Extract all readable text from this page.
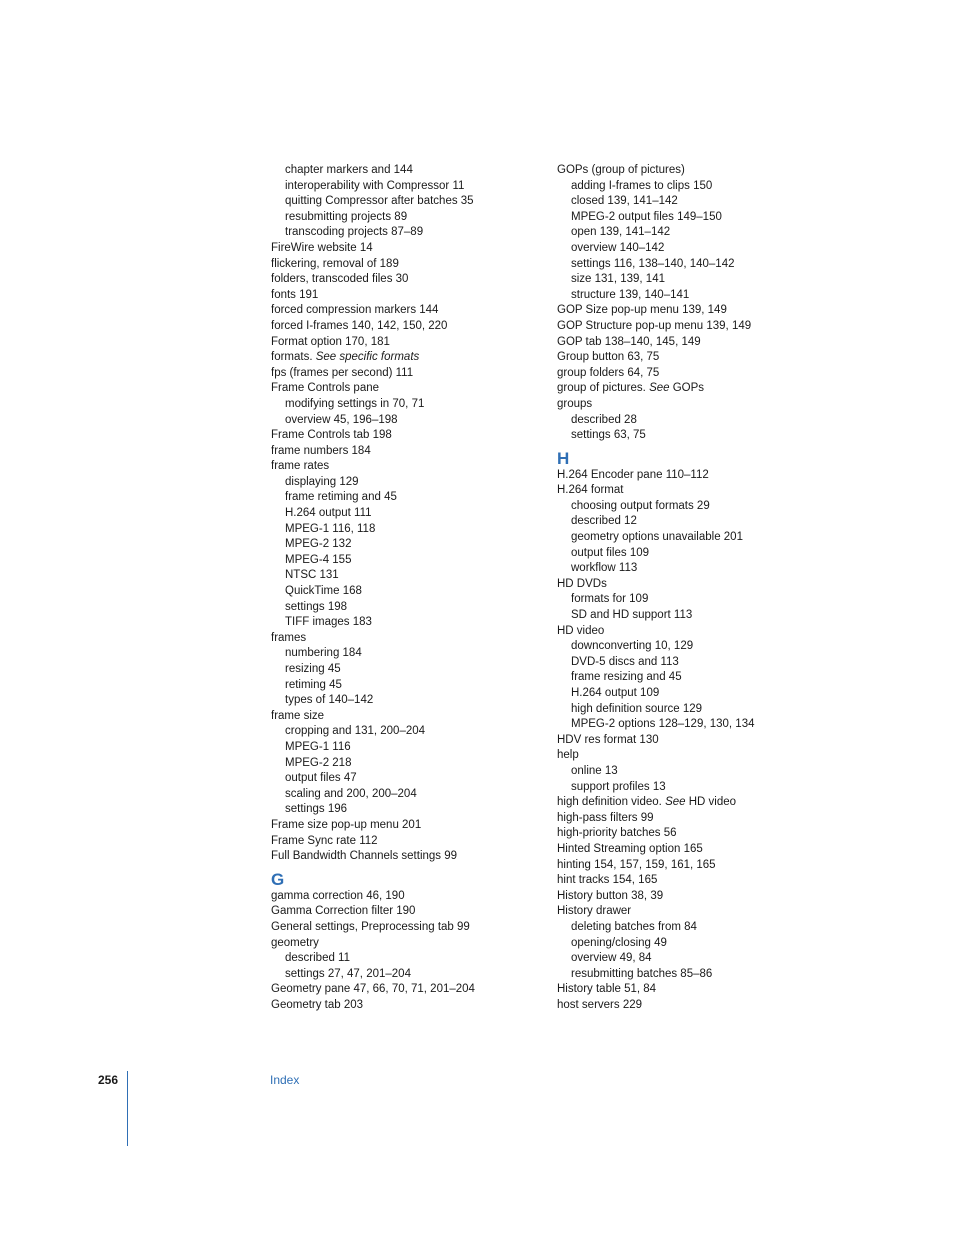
chapter markers and 144
interoperability with Compressor 11
quitting Compressor after batches 35
resubmitting projects 89
transcoding projects 87–89
FireWire website 14
flickering, removal of 189
folders, transcoded files 30
fonts 191
forced compression markers 144
forced I-frames 140, 142, 150, 220
Format option 170, 181
formats. See specific formats
fps (frames per second) 111
Frame Controls pane
modifying settings in 70, 71
overview 45, 196–198
Frame Controls tab 198
frame numbers 184
frame rates
displaying 129
frame retiming and 45
H.264 output 111
MPEG-1 116, 118
MPEG-2 132
MPEG-4 155
NTSC 131
QuickTime 168
settings 198
TIFF images 183
frames
numbering 184
resizing 45
retiming 45
types of 140–142
frame size
cropping and 131, 200–204
MPEG-1 116
MPEG-2 218
output files 47
scaling and 200, 200–204
settings 196
Frame size pop-up menu 201
Frame Sync rate 112
Full Bandwidth Channels settings 99
G
gamma correction 46, 190
Gamma Correction filter 190
General settings, Preprocessing tab 99
geometry
described 11
settings 27, 47, 201–204
Geometry pane 47, 66, 70, 71, 201–204
Geometry tab 203
GOPs (group of pictures)
adding I-frames to clips 150
closed 139, 141–142
MPEG-2 output files 149–150
open 139, 141–142
overview 140–142
settings 116, 138–140, 140–142
size 131, 139, 141
structure 139, 140–141
GOP Size pop-up menu 139, 149
GOP Structure pop-up menu 139, 149
GOP tab 138–140, 145, 149
Group button 63, 75
group folders 64, 75
group of pictures. See GOPs
groups
described 28
settings 63, 75
H
H.264 Encoder pane 110–112
H.264 format
choosing output formats 29
described 12
geometry options unavailable 201
output files 109
workflow 113
HD DVDs
formats for 109
SD and HD support 113
HD video
downconverting 10, 129
DVD-5 discs and 113
frame resizing and 45
H.264 output 109
high definition source 129
MPEG-2 options 128–129, 130, 134
HDV res format 130
help
online 13
support profiles 13
high definition video. See HD video
high-pass filters 99
high-priority batches 56
Hinted Streaming option 165
hinting 154, 157, 159, 161, 165
hint tracks 154, 165
History button 38, 39
History drawer
deleting batches from 84
opening/closing 49
overview 49, 84
resubmitting batches 85–86
History table 51, 84
host servers 229
256	Index
